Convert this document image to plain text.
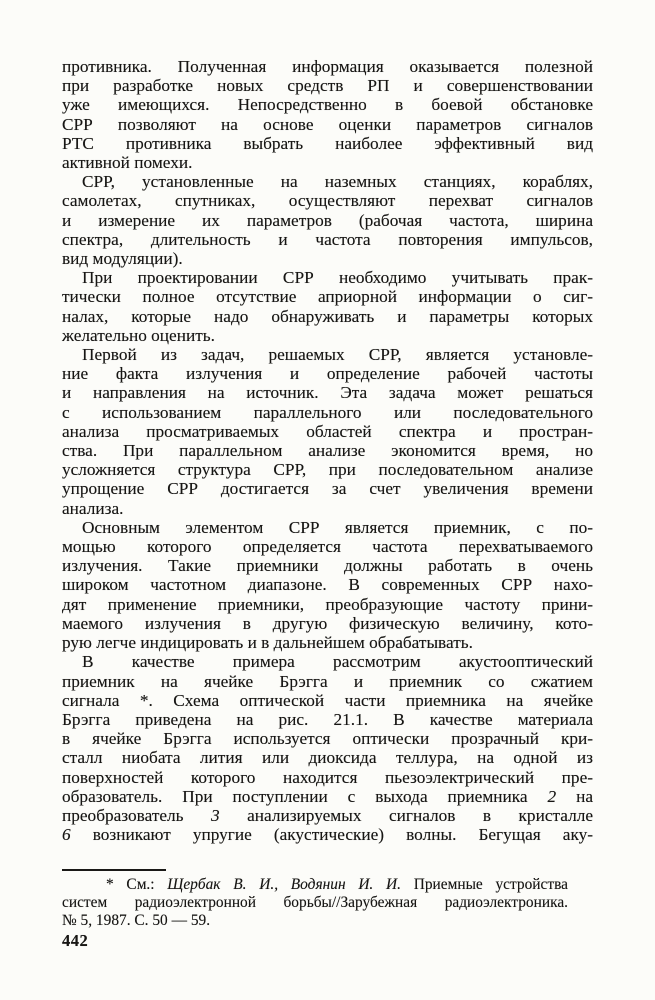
противника. Полученная информация оказывается полезной
при разработке новых средств РП и совершенствовании
уже имеющихся. Непосредственно в боевой обстановке
СРР позволяют на основе оценки параметров сигналов
РТС противника выбрать наиболее эффективный вид
активной помехи.
СРР, установленные на наземных станциях, кораблях,
самолетах, спутниках, осуществляют перехват сигналов
и измерение их параметров (рабочая частота, ширина
спектра, длительность и частота повторения импульсов,
вид модуляции).
При проектировании СРР необходимо учитывать прак-
тически полное отсутствие априорной информации о сиг-
налах, которые надо обнаруживать и параметры которых
желательно оценить.
Первой из задач, решаемых СРР, является установле-
ние факта излучения и определение рабочей частоты
и направления на источник. Эта задача может решаться
с использованием параллельного или последовательного
анализа просматриваемых областей спектра и простран-
ства. При параллельном анализе экономится время, но
усложняется структура СРР, при последовательном анализе
упрощение СРР достигается за счет увеличения времени
анализа.
Основным элементом СРР является приемник, с по-
мощью которого определяется частота перехватываемого
излучения. Такие приемники должны работать в очень
широком частотном диапазоне. В современных СРР нахо-
дят применение приемники, преобразующие частоту прини-
маемого излучения в другую физическую величину, кото-
рую легче индицировать и в дальнейшем обрабатывать.
В качестве примера рассмотрим акустооптический
приемник на ячейке Брэгга и приемник со сжатием
сигнала *. Схема оптической части приемника на ячейке
Брэгга приведена на рис. 21.1. В качестве материала
в ячейке Брэгга используется оптически прозрачный кри-
сталл ниобата лития или диоксида теллура, на одной из
поверхностей которого находится пьезоэлектрический пре-
образователь. При поступлении с выхода приемника 2 на
преобразователь 3 анализируемых сигналов в кристалле
6 возникают упругие (акустические) волны. Бегущая аку-
* См.: Щербак В. И., Водянин И. И. Приемные устройства
систем радиоэлектронной борьбы//Зарубежная радиоэлектроника.
№ 5, 1987. С. 50 — 59.
442
